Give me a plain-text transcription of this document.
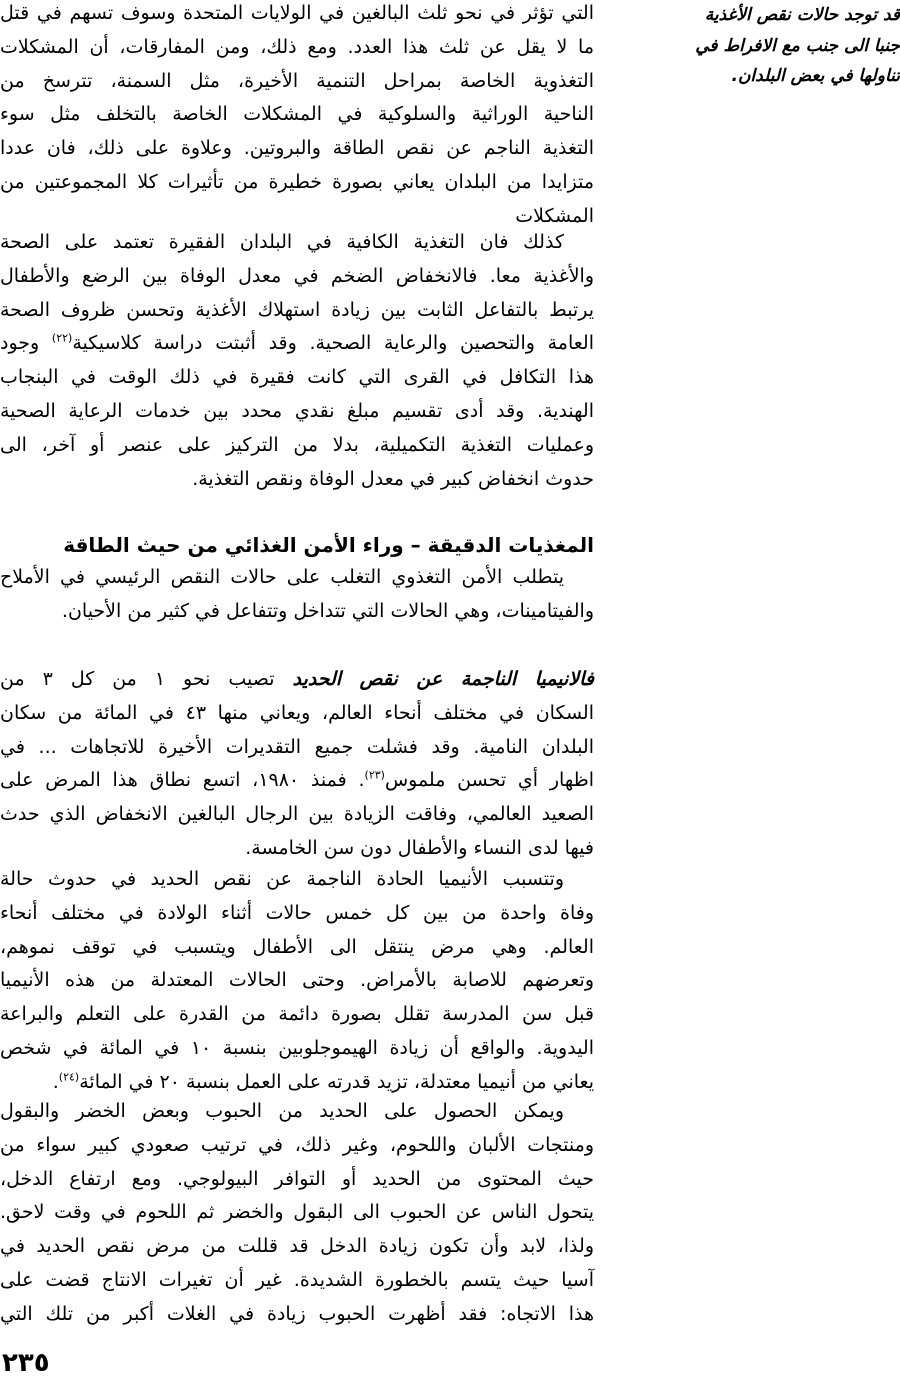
التي تؤثر في نحو ثلث البالغين في الولايات المتحدة وسوف تسهم في قتل
ما لا يقل عن ثلث هذا العدد. ومع ذلك، ومن المفارقات، أن المشكلات
التغذوية الخاصة بمراحل التنمية الأخيرة، مثل السمنة، تترسخ من
الناحية الوراثية والسلوكية في المشكلات الخاصة بالتخلف مثل سوء
التغذية الناجم عن نقص الطاقة والبروتين. وعلاوة على ذلك، فان عددا
متزايدا من البلدان يعاني بصورة خطيرة من تأثيرات كلا المجموعتين من
المشكلات
كذلك فان التغذية الكافية في البلدان الفقيرة تعتمد على الصحة
والأغذية معا. فالانخفاض الضخم في معدل الوفاة بين الرضع والأطفال
يرتبط بالتفاعل الثابت بين زيادة استهلاك الأغذية وتحسن ظروف الصحة
العامة والتحصين والرعاية الصحية. وقد أثبتت دراسة كلاسيكية$^{(٢٢)}$ وجود
هذا التكافل في القرى التي كانت فقيرة في ذلك الوقت في البنجاب
الهندية. وقد أدى تقسيم مبلغ نقدي محدد بين خدمات الرعاية الصحية
وعمليات التغذية التكميلية، بدلا من التركيز على عنصر أو آخر، الى
حدوث انخفاض كبير في معدل الوفاة ونقص التغذية.
المغذيات الدقيقة – وراء الأمن الغذائي من حيث الطاقة
يتطلب الأمن التغذوي التغلب على حالات النقص الرئيسي في الأملاح
والفيتامينات، وهي الحالات التي تتداخل وتتفاعل في كثير من الأحيان.
فالانيميا الناجمة عن نقص الحديد تصيب نحو ١ من كل ٣ من
السكان في مختلف أنحاء العالم، ويعاني منها ٤٣ في المائة من سكان
البلدان النامية. وقد فشلت جميع التقديرات الأخيرة للاتجاهات ... في
اظهار أي تحسن ملموس$^{(٢٣)}$. فمنذ ١٩٨٠، اتسع نطاق هذا المرض على
الصعيد العالمي، وفاقت الزيادة بين الرجال البالغين الانخفاض الذي حدث
فيها لدى النساء والأطفال دون سن الخامسة.
وتتسبب الأنيميا الحادة الناجمة عن نقص الحديد في حدوث حالة
وفاة واحدة من بين كل خمس حالات أثناء الولادة في مختلف أنحاء
العالم. وهي مرض ينتقل الى الأطفال ويتسبب في توقف نموهم،
وتعرضهم للاصابة بالأمراض. وحتى الحالات المعتدلة من هذه الأنيميا
قبل سن المدرسة تقلل بصورة دائمة من القدرة على التعلم والبراعة
اليدوية. والواقع أن زيادة الهيموجلوبين بنسبة ١٠ في المائة في شخص
يعاني من أنيميا معتدلة، تزيد قدرته على العمل بنسبة ٢٠ في المائة$^{(٢٤)}$.
ويمكن الحصول على الحديد من الحبوب وبعض الخضر والبقول
ومنتجات الألبان واللحوم، وغير ذلك، في ترتيب صعودي كبير سواء من
حيث المحتوى من الحديد أو التوافر البيولوجي. ومع ارتفاع الدخل،
يتحول الناس عن الحبوب الى البقول والخضر ثم اللحوم في وقت لاحق.
ولذا، لابد وأن تكون زيادة الدخل قد قللت من مرض نقص الحديد في
آسيا حيث يتسم بالخطورة الشديدة. غير أن تغيرات الانتاج قضت على
هذا الاتجاه: فقد أظهرت الحبوب زيادة في الغلات أكبر من تلك التي
قد توجد حالات نقص الأغذية
جنبا الى جنب مع الافراط في
تناولها في بعض البلدان.
٢٣٥
